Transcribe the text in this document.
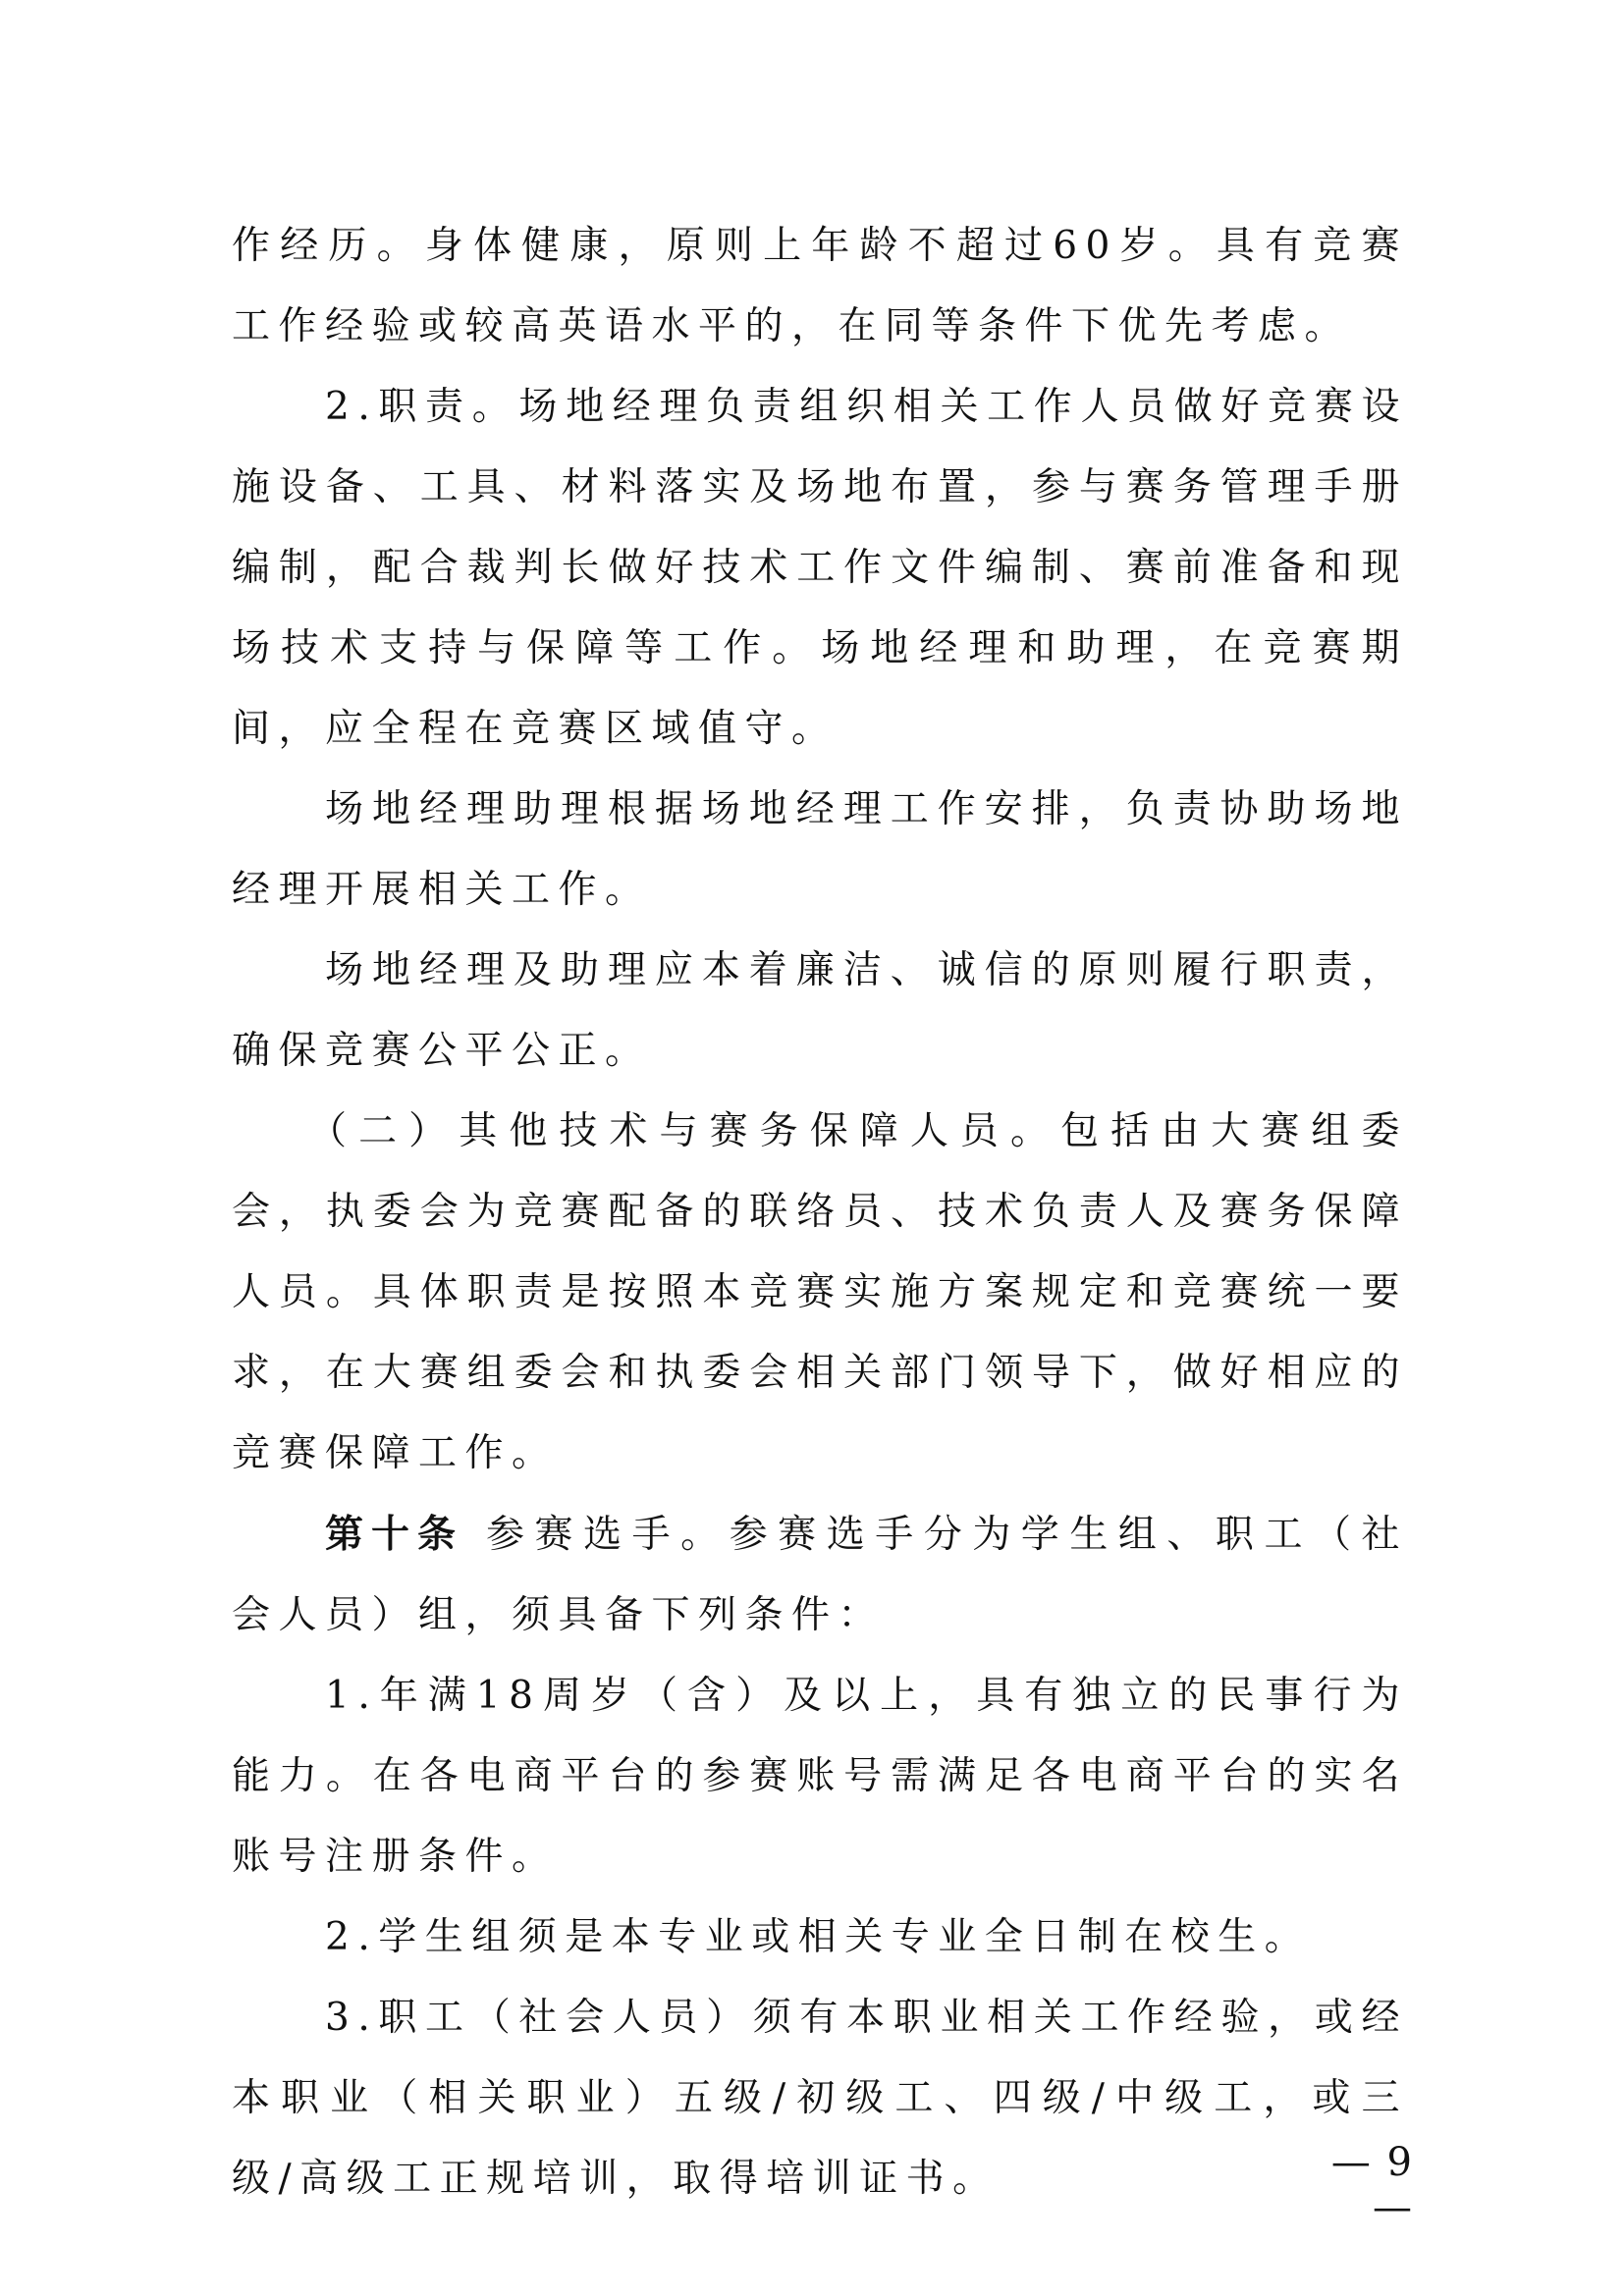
作经历。身体健康，原则上年龄不超过60岁。具有竞赛工作经验或较高英语水平的，在同等条件下优先考虑。

2.职责。场地经理负责组织相关工作人员做好竞赛设施设备、工具、材料落实及场地布置，参与赛务管理手册编制，配合裁判长做好技术工作文件编制、赛前准备和现场技术支持与保障等工作。场地经理和助理，在竞赛期间，应全程在竞赛区域值守。

场地经理助理根据场地经理工作安排，负责协助场地经理开展相关工作。

场地经理及助理应本着廉洁、诚信的原则履行职责，确保竞赛公平公正。

（二）其他技术与赛务保障人员。包括由大赛组委会，执委会为竞赛配备的联络员、技术负责人及赛务保障人员。具体职责是按照本竞赛实施方案规定和竞赛统一要求，在大赛组委会和执委会相关部门领导下，做好相应的竞赛保障工作。

第十条 参赛选手。参赛选手分为学生组、职工（社会人员）组，须具备下列条件：

1.年满18周岁（含）及以上，具有独立的民事行为能力。在各电商平台的参赛账号需满足各电商平台的实名账号注册条件。

2.学生组须是本专业或相关专业全日制在校生。

3.职工（社会人员）须有本职业相关工作经验，或经本职业（相关职业）五级/初级工、四级/中级工，或三级/高级工正规培训，取得培训证书。	— 9 —
